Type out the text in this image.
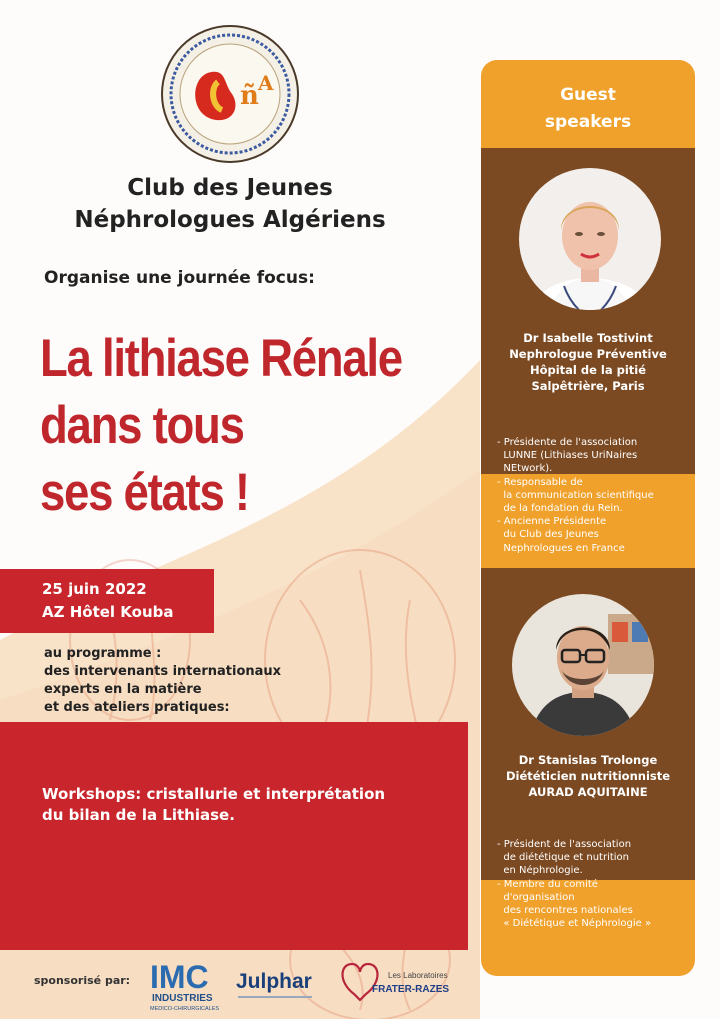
ñ A
Club des Jeunes
Néphrologues Algériens
Organise une journée focus:
La lithiase Rénale
dans tous
ses états !
25 juin 2022
AZ Hôtel Kouba
au programme :
des intervenants internationaux
experts en la matière
et des ateliers pratiques:
Workshops: cristallurie et interprétation
du bilan de la Lithiase.
sponsorisé par: IMC
INDUSTRIES
MEDICO-CHIRURGICALES
Julphar	Les Laboratoires
FRATER-RAZES
Guest
speakers
Dr Isabelle Tostivint
Nephrologue Préventive
Hôpital de la pitié
Salpêtrière, Paris
- Présidente de l'association
LUNNE (Lithiases UriNaires
NEtwork).
- Responsable de
la communication scientifique
de la fondation du Rein.
- Ancienne Présidente
du Club des Jeunes
Nephrologues en France
Dr Stanislas Trolonge
Diététicien nutritionniste
AURAD AQUITAINE
- Président de l'association
de diététique et nutrition
en Néphrologie.
- Membre du comité
d'organisation
des rencontres nationales
« Diététique et Néphrologie »
